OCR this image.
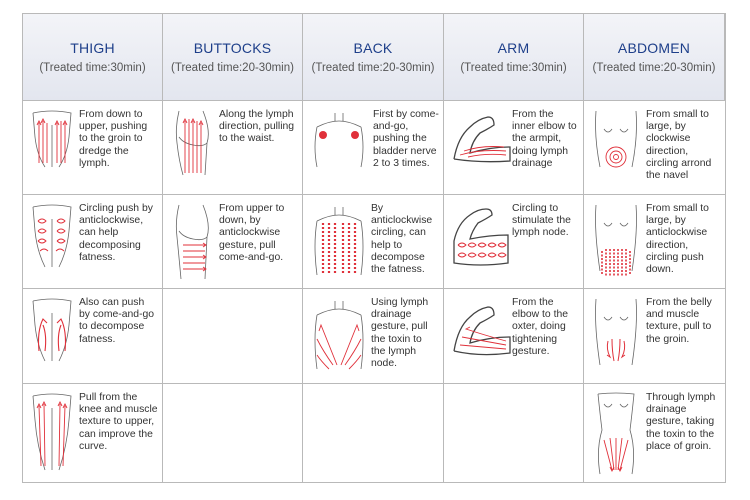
THIGH
(Treated time:30min)
BUTTOCKS
(Treated time:20-30min)
BACK
(Treated time:20-30min)
ARM
(Treated time:30min)
ABDOMEN
(Treated time:20-30min)
From down to upper, pushing to the groin to dredge the lymph.
Along the lymph direction, pulling to the waist.
First by come-and-go, pushing the bladder nerve 2 to 3 times.
From the inner elbow to the armpit, doing lymph drainage
From small to large, by clockwise direction, circling arrond the navel
Circling push by anticlockwise, can help decomposing fatness.
From upper to down, by anticlockwise gesture, pull come-and-go.
By anticlockwise circling, can help to decompose the fatness.
Circling to stimulate the lymph node.
From small to large, by anticlockwise direction, circling push down.
Also can push by come-and-go to decompose fatness.
Using lymph drainage gesture, pull the toxin to the lymph node.
From the elbow to the oxter, doing tightening gesture.
From the belly and muscle texture, pull to the groin.
Pull from the knee and muscle texture to upper, can improve the curve.
Through lymph drainage gesture, taking the toxin to the place of groin.
